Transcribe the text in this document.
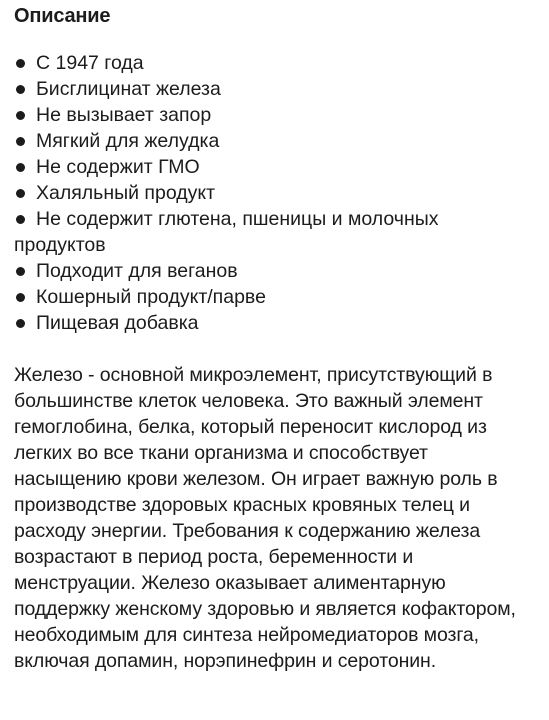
Описание
С 1947 года
Бисглицинат железа
Не вызывает запор
Мягкий для желудка
Не содержит ГМО
Халяльный продукт
Не содержит глютена, пшеницы и молочных продуктов
Подходит для веганов
Кошерный продукт/парве
Пищевая добавка

Железо - основной микроэлемент, присутствующий в большинстве клеток человека. Это важный элемент гемоглобина, белка, который переносит кислород из легких во все ткани организма и способствует насыщению крови железом. Он играет важную роль в производстве здоровых красных кровяных телец и расходу энергии. Требования к содержанию железа возрастают в период роста, беременности и менструации. Железо оказывает алиментарную поддержку женскому здоровью и является кофактором, необходимым для синтеза нейромедиаторов мозга, включая допамин, норэпинефрин и серотонин.
